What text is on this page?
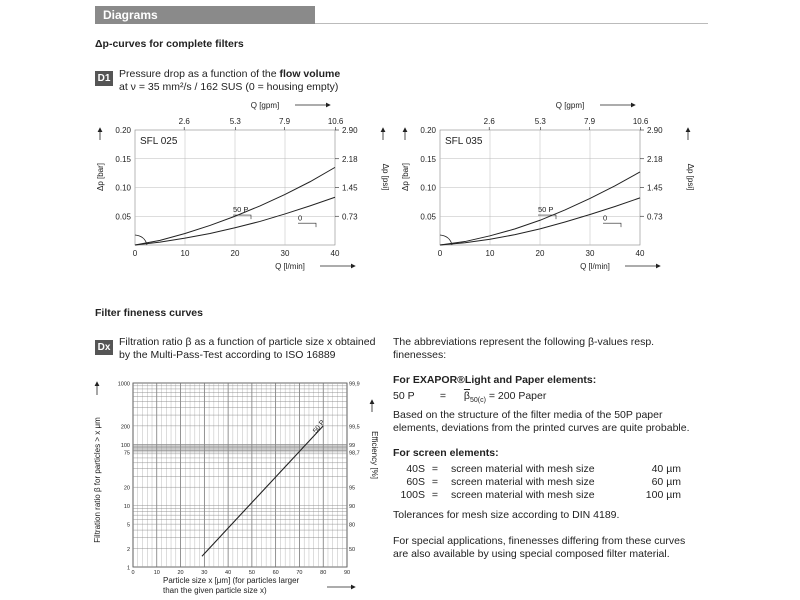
Diagrams
Δp-curves for complete filters
D1 Pressure drop as a function of the flow volume
at ν = 35 mm²/s / 162 SUS (0 = housing empty)
0	10	20	30	40
2.6	5.3	7.9	10.6
0.05
0.10
0.15
0.20
0.73
1.45
2.18
2.90
Q [l/min]
Q [gpm]
Δp [bar]	Δp [psi]
SFL 025
50 P
0
0	10	20	30	40
2.6	5.3	7.9	10.6
0.05
0.10
0.15
0.20
0.73
1.45
2.18
2.90
Q [l/min]
Q [gpm]
Δp [bar]	Δp [psi]
SFL 035
50 P
0
Filter fineness curves
Dx Filtration ratio β as a function of particle size x obtained
by the Multi-Pass-Test according to ISO 16889
1
2
5
10
20
75
100
200
1000
50
80
90
95
98,7
99
99,5
99,9
0	10	20	30	40	50	60	70	80	90
Particle size x [μm] (for particles larger
than the given particle size x)
Filtration ratio β for particles > x μm	Efficiency [%]
50 P
The abbreviations represent the following β-values resp.
finenesses:
For EXAPOR®Light and Paper elements:
50 $P = \overline{\beta}_{50(c)} = 200$ Paper
Based on the structure of the filter media of the 50P paper
elements, deviations from the printed curves are quite probable.
For screen elements:
40S =	screen material with mesh size	40 µm
60S =	screen material with mesh size	60 µm
100S =	screen material with mesh size	100 µm
Tolerances for mesh size according to DIN 4189.
For special applications, finenesses differing from these curves
are also available by using special composed filter material.
